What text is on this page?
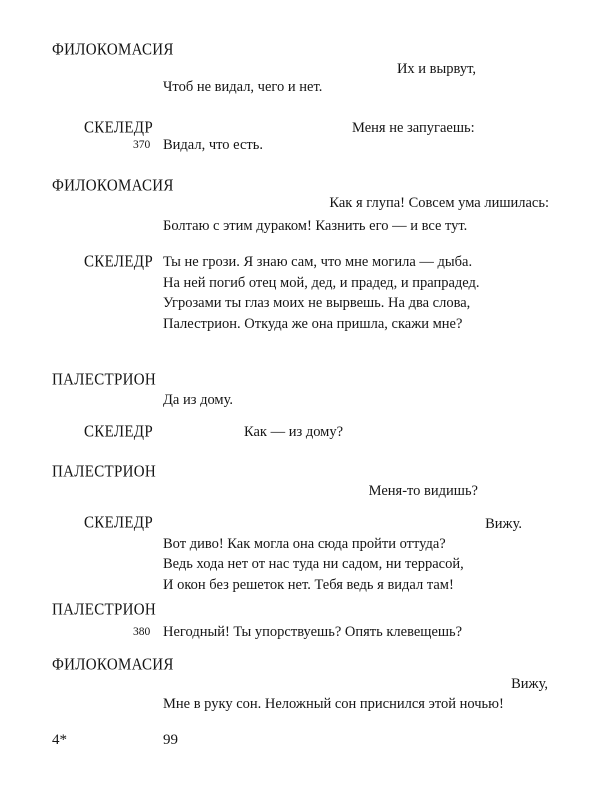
ФИЛОКОМАСИЯ
СКЕЛЕДР
ФИЛОКОМАСИЯ
СКЕЛЕДР
ПАЛЕСТРИОН
СКЕЛЕДР
ПАЛЕСТРИОН
СКЕЛЕДР
ПАЛЕСТРИОН
ФИЛОКОМАСИЯ
Их и вырвут,
Чтоб не видал, чего и нет.
Меня не запугаешь:
370 Видал, что есть.
Как я глупа! Совсем ума лишилась:
Болтаю с этим дураком! Казнить его — и все тут.
Ты не грози. Я знаю сам, что мне могила — дыба.
На ней погиб отец мой, дед, и прадед, и прапрадед.
Угрозами ты глаз моих не вырвешь. На два слова,
Палестрион. Откуда же она пришла, скажи мне?
Да из дому.
Как — из дому?
Меня-то видишь?
Вижу.
Вот диво! Как могла она сюда пройти оттуда?
Ведь хода нет от нас туда ни садом, ни террасой,
И окон без решеток нет. Тебя ведь я видал там!
380 Негодный! Ты упорствуешь? Опять клевещешь?
Вижу,
Мне в руку сон. Неложный сон приснился этой ночью!
4*	99
